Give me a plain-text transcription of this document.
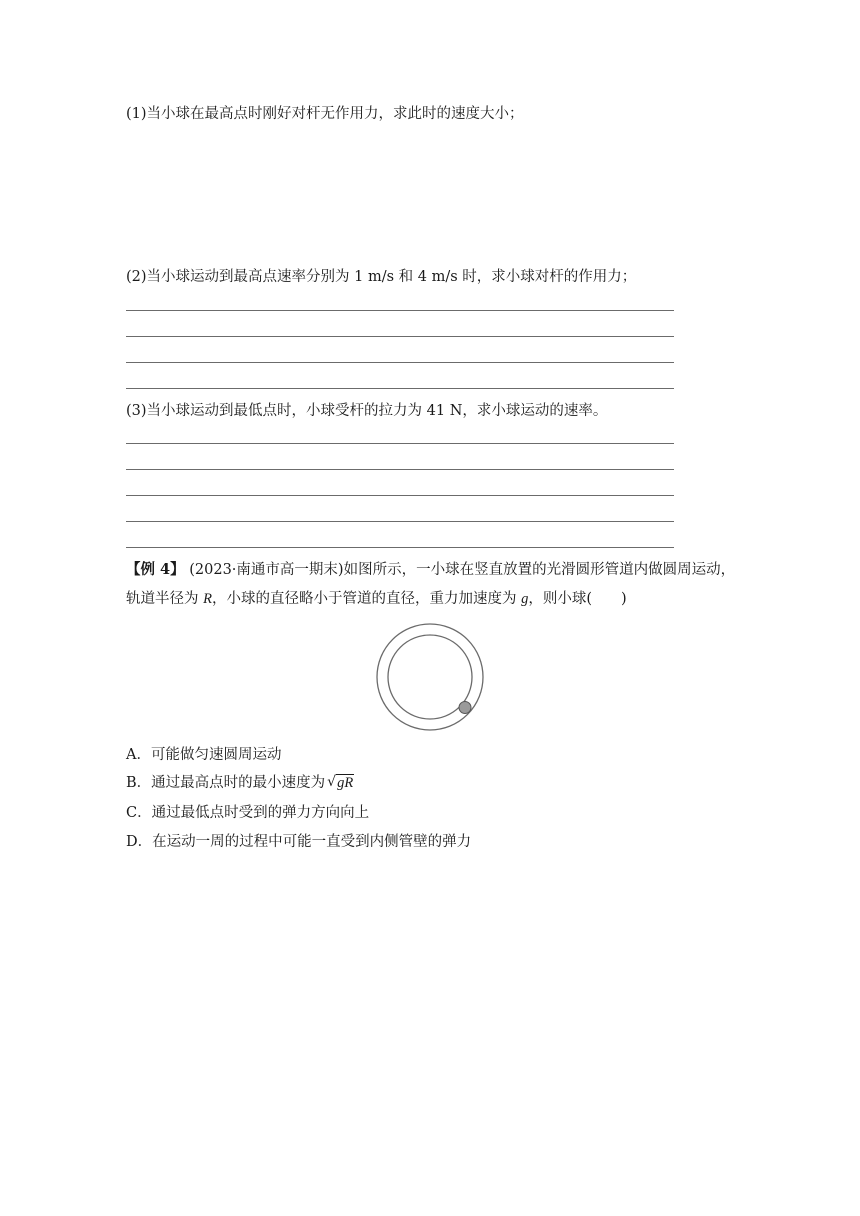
(1)当小球在最高点时刚好对杆无作用力，求此时的速度大小；
(2)当小球运动到最高点速率分别为 1 m/s 和 4 m/s 时，求小球对杆的作用力；
(3)当小球运动到最低点时，小球受杆的拉力为 41 N，求小球运动的速率。
【例 4】 (2023·南通市高一期末)如图所示，一小球在竖直放置的光滑圆形管道内做圆周运动，
轨道半径为 R，小球的直径略小于管道的直径，重力加速度为 g，则小球(　　)
A．可能做匀速圆周运动
B．通过最高点时的最小速度为 √ gR
C．通过最低点时受到的弹力方向向上
D．在运动一周的过程中可能一直受到内侧管壁的弹力
